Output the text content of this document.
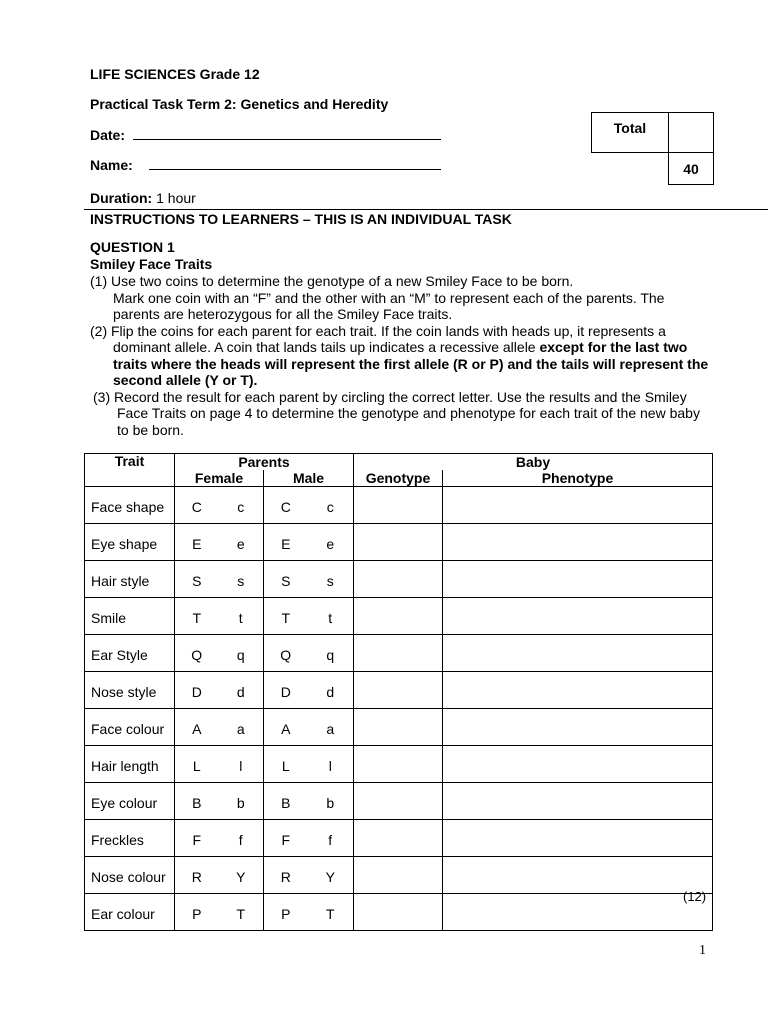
LIFE SCIENCES Grade 12
Practical Task Term 2: Genetics and Heredity
Date:
Name:
Total	
	40
Duration: 1 hour
INSTRUCTIONS TO LEARNERS – THIS IS AN INDIVIDUAL TASK
QUESTION 1
Smiley Face Traits
(1) Use two coins to determine the genotype of a new Smiley Face to be born.
Mark one coin with an “F” and the other with an “M” to represent each of the parents. The parents are heterozygous for all the Smiley Face traits.
(2) Flip the coins for each parent for each trait. If the coin lands with heads up, it represents a dominant allele. A coin that lands tails up indicates a recessive allele except for the last two traits where the heads will represent the first allele (R or P) and the tails will represent the second allele (Y or T).
(3) Record the result for each parent by circling the correct letter. Use the results and the Smiley Face Traits on page 4 to determine the genotype and phenotype for each trait of the new baby to be born.
Trait	Parents				Baby	
	Female		Male		Genotype	Phenotype
Face shape	C	c	C	c		
Eye shape	E	e	E	e		
Hair style	S	s	S	s		
Smile	T	t	T	t		
Ear Style	Q	q	Q	q		
Nose style	D	d	D	d		
Face colour	A	a	A	a		
Hair length	L	l	L	l		
Eye colour	B	b	B	b		
Freckles	F	f	F	f		
Nose colour	R	Y	R	Y		
Ear colour	P	T	P	T		
(12)
1
